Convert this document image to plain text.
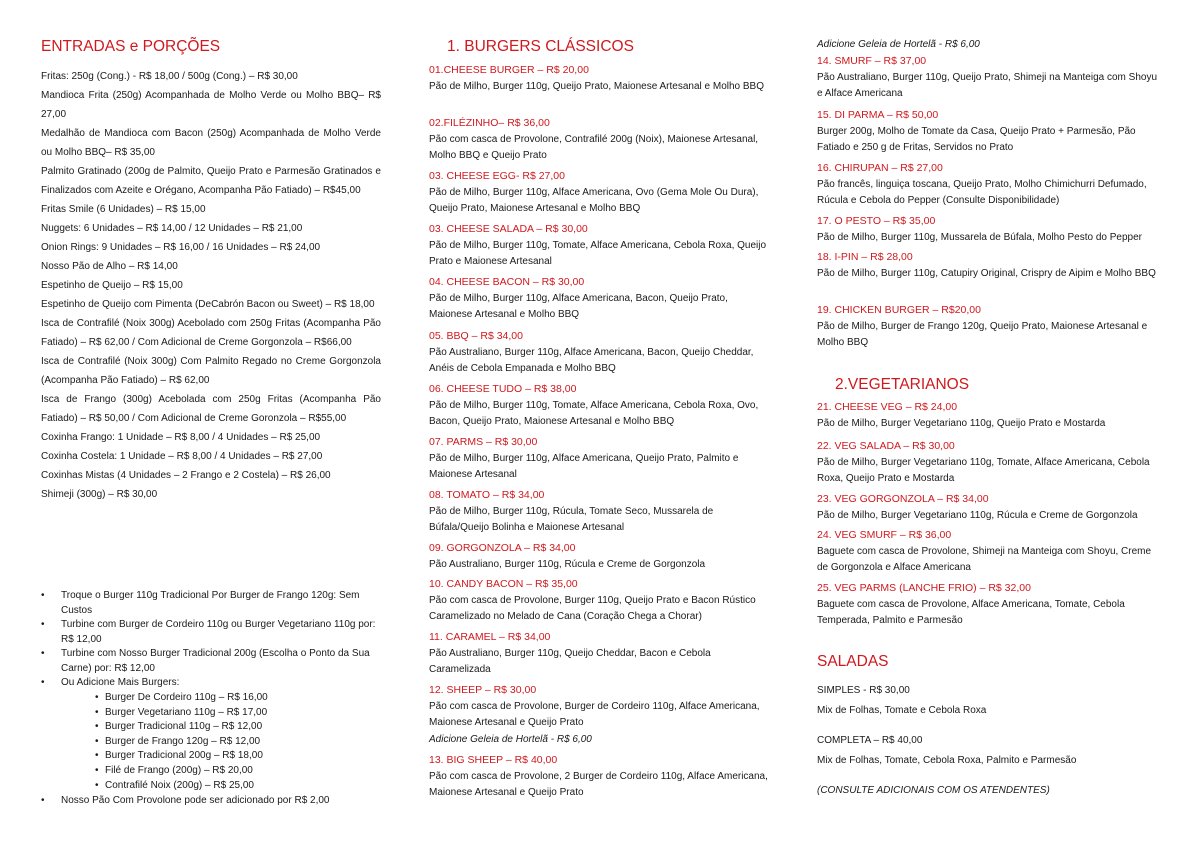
ENTRADAS e PORÇÕES
Fritas: 250g (Cong.) - R$ 18,00 / 500g (Cong.) – R$ 30,00
Mandioca Frita (250g) Acompanhada de Molho Verde ou Molho BBQ– R$ 27,00
Medalhão de Mandioca com Bacon (250g) Acompanhada de Molho Verde ou Molho BBQ– R$ 35,00
Palmito Gratinado (200g de Palmito, Queijo Prato e Parmesão Gratinados e Finalizados com Azeite e Orégano, Acompanha Pão Fatiado) – R$45,00
Fritas Smile (6 Unidades) – R$ 15,00
Nuggets: 6 Unidades – R$ 14,00 / 12 Unidades – R$ 21,00
Onion Rings: 9 Unidades – R$ 16,00 / 16 Unidades – R$ 24,00
Nosso Pão de Alho – R$ 14,00
Espetinho de Queijo – R$ 15,00
Espetinho de Queijo com Pimenta (DeCabrón Bacon ou Sweet) – R$ 18,00
Isca de Contrafilé (Noix 300g) Acebolado com 250g Fritas (Acompanha Pão Fatiado) – R$ 62,00 / Com Adicional de Creme Gorgonzola – R$66,00
Isca de Contrafilé (Noix 300g) Com Palmito Regado no Creme Gorgonzola (Acompanha Pão Fatiado) – R$ 62,00
Isca de Frango (300g) Acebolada com 250g Fritas (Acompanha Pão Fatiado) – R$ 50,00 / Com Adicional de Creme Goronzola – R$55,00
Coxinha Frango: 1 Unidade – R$ 8,00 / 4 Unidades – R$ 25,00
Coxinha Costela: 1 Unidade – R$ 8,00 / 4 Unidades – R$ 27,00
Coxinhas Mistas (4 Unidades – 2 Frango e 2 Costela) – R$ 26,00
Shimeji (300g) – R$ 30,00
• Troque o Burger 110g Tradicional Por Burger de Frango 120g: Sem Custos
• Turbine com Burger de Cordeiro 110g ou Burger Vegetariano 110g por: R$ 12,00
• Turbine com Nosso Burger Tradicional 200g (Escolha o Ponto da Sua Carne) por: R$ 12,00
• Ou Adicione Mais Burgers:
• Burger De Cordeiro 110g – R$ 16,00
• Burger Vegetariano 110g – R$ 17,00
• Burger Tradicional 110g – R$ 12,00
• Burger de Frango 120g – R$ 12,00
• Burger Tradicional 200g – R$ 18,00
• Filé de Frango (200g) – R$ 20,00
• Contrafilé Noix (200g) – R$ 25,00
• Nosso Pão Com Provolone pode ser adicionado por R$ 2,00
1. BURGERS CLÁSSICOS
01.CHEESE BURGER – R$ 20,00
Pão de Milho, Burger 110g, Queijo Prato, Maionese Artesanal e Molho BBQ
02.FILÉZINHO– R$ 36,00
Pão com casca de Provolone, Contrafilé 200g (Noix), Maionese Artesanal, Molho BBQ e Queijo Prato
03. CHEESE EGG- R$ 27,00
Pão de Milho, Burger 110g, Alface Americana, Ovo (Gema Mole Ou Dura), Queijo Prato, Maionese Artesanal e Molho BBQ
03. CHEESE SALADA – R$ 30,00
Pão de Milho, Burger 110g, Tomate, Alface Americana, Cebola Roxa, Queijo Prato e Maionese Artesanal
04. CHEESE BACON – R$ 30,00
Pão de Milho, Burger 110g, Alface Americana, Bacon, Queijo Prato, Maionese Artesanal e Molho BBQ
05. BBQ – R$ 34,00
Pão Australiano, Burger 110g, Alface Americana, Bacon, Queijo Cheddar, Anéis de Cebola Empanada e Molho BBQ
06. CHEESE TUDO – R$ 38,00
Pão de Milho, Burger 110g, Tomate, Alface Americana, Cebola Roxa, Ovo, Bacon, Queijo Prato, Maionese Artesanal e Molho BBQ
07. PARMS – R$ 30,00
Pão de Milho, Burger 110g, Alface Americana, Queijo Prato, Palmito e Maionese Artesanal
08. TOMATO – R$ 34,00
Pão de Milho, Burger 110g, Rúcula, Tomate Seco, Mussarela de Búfala/Queijo Bolinha e Maionese Artesanal
09. GORGONZOLA – R$ 34,00
Pão Australiano, Burger 110g, Rúcula e Creme de Gorgonzola
10. CANDY BACON – R$ 35,00
Pão com casca de Provolone, Burger 110g, Queijo Prato e Bacon Rústico Caramelizado no Melado de Cana (Coração Chega a Chorar)
11. CARAMEL – R$ 34,00
Pão Australiano, Burger 110g, Queijo Cheddar, Bacon e Cebola Caramelizada
12. SHEEP – R$ 30,00
Pão com casca de Provolone, Burger de Cordeiro 110g, Alface Americana, Maionese Artesanal e Queijo Prato
Adicione Geleia de Hortelã - R$ 6,00
13. BIG SHEEP – R$ 40,00
Pão com casca de Provolone, 2 Burger de Cordeiro 110g, Alface Americana, Maionese Artesanal e Queijo Prato
Adicione Geleia de Hortelã - R$ 6,00
14. SMURF – R$ 37,00
Pão Australiano, Burger 110g, Queijo Prato, Shimeji na Manteiga com Shoyu e Alface Americana
15. DI PARMA – R$ 50,00
Burger 200g, Molho de Tomate da Casa, Queijo Prato + Parmesão, Pão Fatiado e 250 g de Fritas, Servidos no Prato
16. CHIRUPAN – R$ 27,00
Pão francês, linguiça toscana, Queijo Prato, Molho Chimichurri Defumado, Rúcula e Cebola do Pepper (Consulte Disponibilidade)
17. O PESTO – R$ 35,00
Pão de Milho, Burger 110g, Mussarela de Búfala, Molho Pesto do Pepper
18. I-PIN – R$ 28,00
Pão de Milho, Burger 110g, Catupiry Original, Crispry de Aipim e Molho BBQ
19. CHICKEN BURGER – R$20,00
Pão de Milho, Burger de Frango 120g, Queijo Prato, Maionese Artesanal e Molho BBQ
2.VEGETARIANOS
21. CHEESE VEG – R$ 24,00
Pão de Milho, Burger Vegetariano 110g, Queijo Prato e Mostarda
22. VEG SALADA – R$ 30,00
Pão de Milho, Burger Vegetariano 110g, Tomate, Alface Americana, Cebola Roxa, Queijo Prato e Mostarda
23. VEG GORGONZOLA – R$ 34,00
Pão de Milho, Burger Vegetariano 110g, Rúcula e Creme de Gorgonzola
24. VEG SMURF – R$ 36,00
Baguete com casca de Provolone, Shimeji na Manteiga com Shoyu, Creme de Gorgonzola e Alface Americana
25. VEG PARMS (LANCHE FRIO) – R$ 32,00
Baguete com casca de Provolone, Alface Americana, Tomate, Cebola Temperada, Palmito e Parmesão
SALADAS
SIMPLES - R$ 30,00
Mix de Folhas, Tomate e Cebola Roxa
COMPLETA – R$ 40,00
Mix de Folhas, Tomate, Cebola Roxa, Palmito e Parmesão
(CONSULTE ADICIONAIS COM OS ATENDENTES)
